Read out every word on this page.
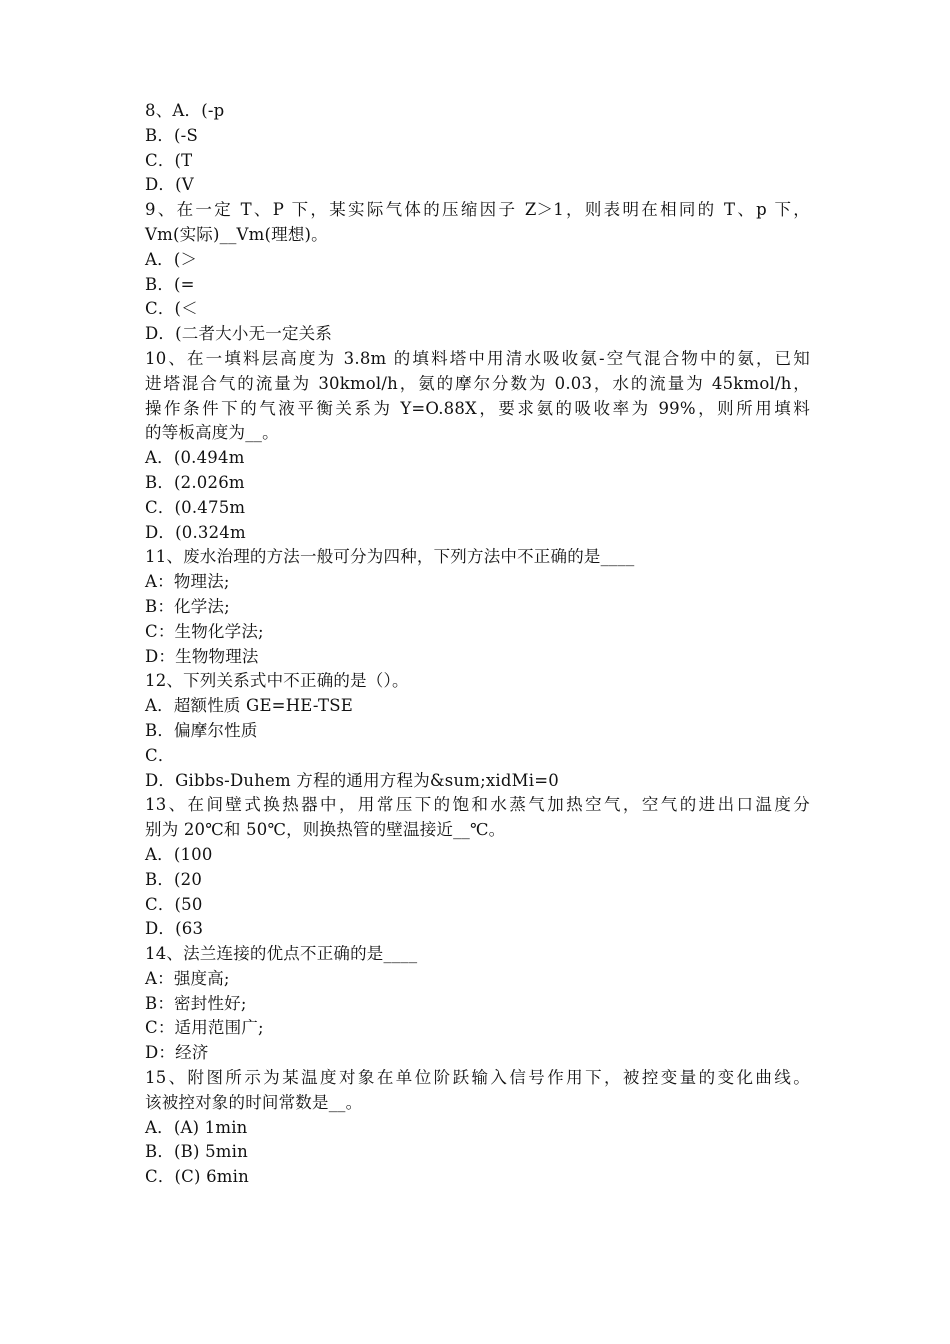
8、A．(-p
B．(-S
C．(T
D．(V
9、在一定 T、P 下，某实际气体的压缩因子 Z＞1，则表明在相同的 T、p 下，
Vm(实际)__Vm(理想)。
A．(＞
B．(=
C．(＜
D．(二者大小无一定关系
10、在一填料层高度为 3.8m 的填料塔中用清水吸收氨-空气混合物中的氨，已知
进塔混合气的流量为 30kmol/h，氨的摩尔分数为 0.03，水的流量为 45kmol/h，
操作条件下的气液平衡关系为 Y=O.88X，要求氨的吸收率为 99%，则所用填料
的等板高度为__。
A．(0.494m
B．(2.026m
C．(0.475m
D．(0.324m
11、废水治理的方法一般可分为四种，下列方法中不正确的是____
A：物理法;
B：化学法;
C：生物化学法;
D：生物物理法
12、下列关系式中不正确的是（）。
A．超额性质 GE=HE-TSE
B．偏摩尔性质
C．
D．Gibbs-Duhem 方程的通用方程为&sum;xidMi=0
13、在间壁式换热器中，用常压下的饱和水蒸气加热空气，空气的进出口温度分
别为 20℃和 50℃，则换热管的壁温接近__℃。
A．(100
B．(20
C．(50
D．(63
14、法兰连接的优点不正确的是____
A：强度高;
B：密封性好;
C：适用范围广;
D：经济
15、附图所示为某温度对象在单位阶跃输入信号作用下，被控变量的变化曲线。
该被控对象的时间常数是__。
A．(A) 1min
B．(B) 5min
C．(C) 6min
